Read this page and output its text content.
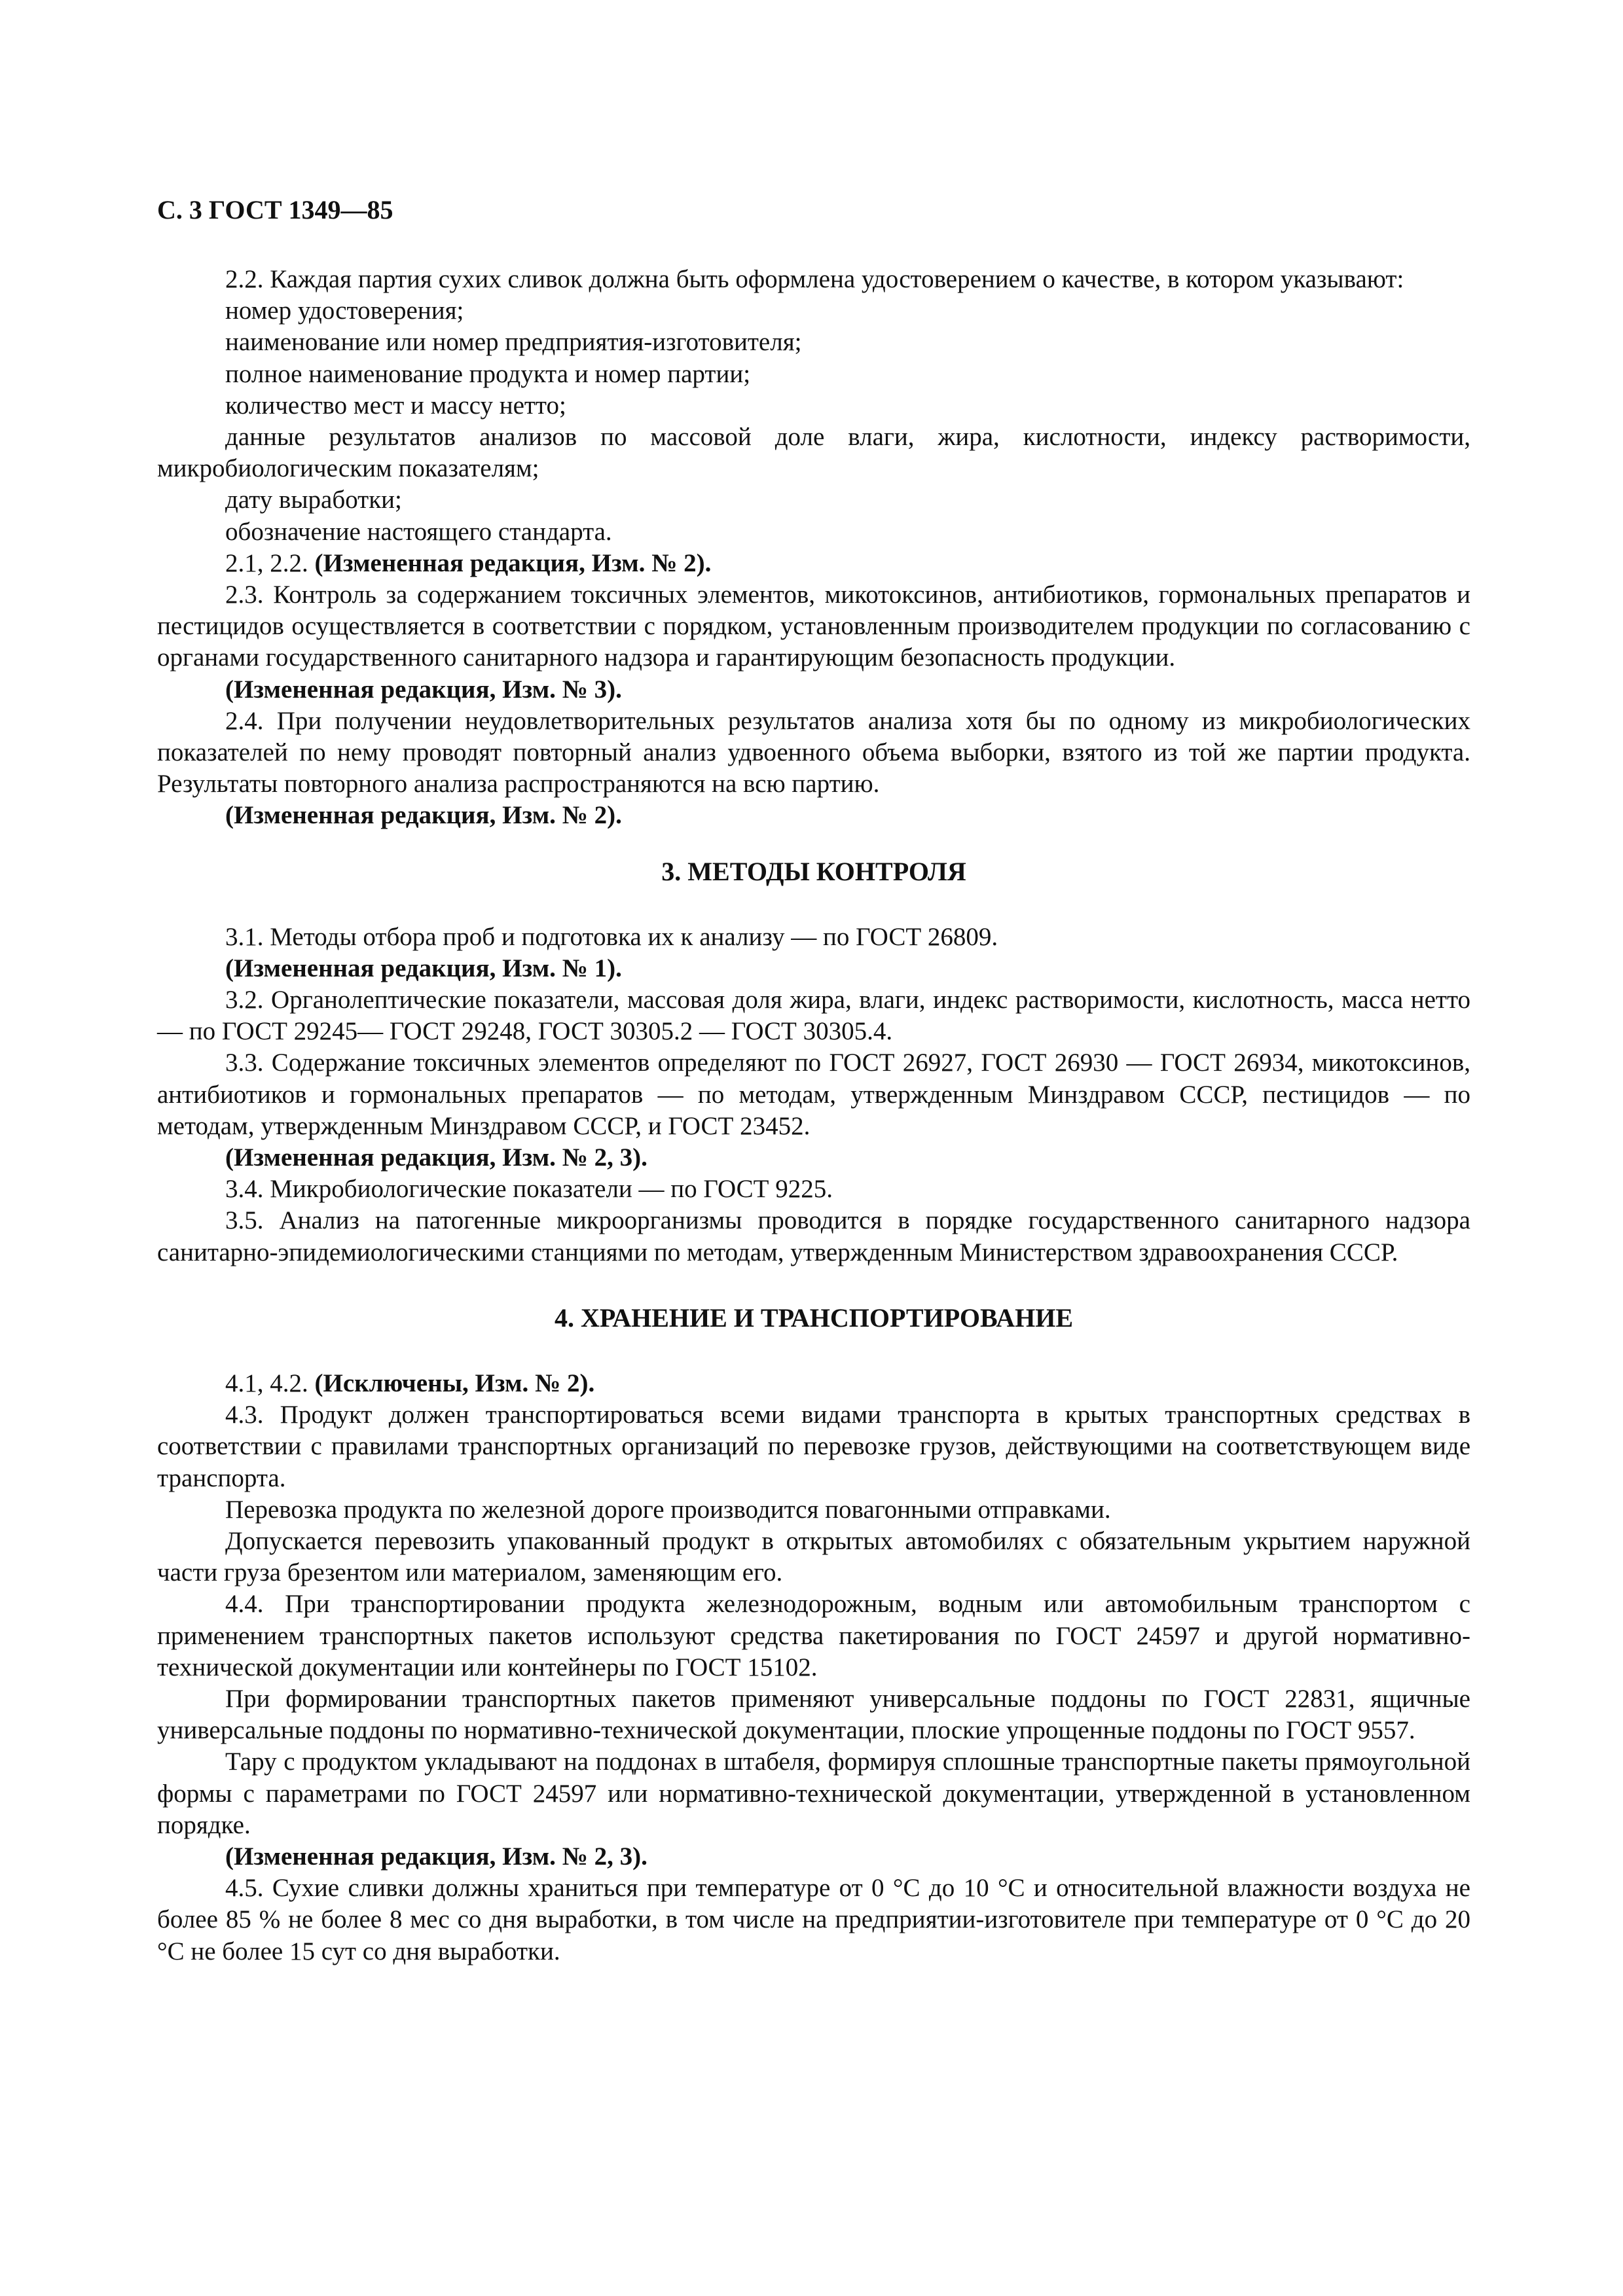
С. 3 ГОСТ 1349—85

2.2. Каждая партия сухих сливок должна быть оформлена удостоверением о качестве, в котором указывают:

номер удостоверения;

наименование или номер предприятия-изготовителя;

полное наименование продукта и номер партии;

количество мест и массу нетто;

данные результатов анализов по массовой доле влаги, жира, кислотности, индексу растворимости, микробиологическим показателям;

дату выработки;

обозначение настоящего стандарта.

2.1, 2.2. (Измененная редакция, Изм. № 2).

2.3. Контроль за содержанием токсичных элементов, микотоксинов, антибиотиков, гормональных препаратов и пестицидов осуществляется в соответствии с порядком, установленным производителем продукции по согласованию с органами государственного санитарного надзора и гарантирующим безопасность продукции.

(Измененная редакция, Изм. № 3).

2.4. При получении неудовлетворительных результатов анализа хотя бы по одному из микробиологических показателей по нему проводят повторный анализ удвоенного объема выборки, взятого из той же партии продукта. Результаты повторного анализа распространяются на всю партию.

(Измененная редакция, Изм. № 2).

3. МЕТОДЫ КОНТРОЛЯ

3.1. Методы отбора проб и подготовка их к анализу — по ГОСТ 26809.

(Измененная редакция, Изм. № 1).

3.2. Органолептические показатели, массовая доля жира, влаги, индекс растворимости, кислотность, масса нетто — по ГОСТ 29245— ГОСТ 29248, ГОСТ 30305.2 — ГОСТ 30305.4.

3.3. Содержание токсичных элементов определяют по ГОСТ 26927, ГОСТ 26930 — ГОСТ 26934, микотоксинов, антибиотиков и гормональных препаратов — по методам, утвержденным Минздравом СССР, пестицидов — по методам, утвержденным Минздравом СССР, и ГОСТ 23452.

(Измененная редакция, Изм. № 2, 3).

3.4. Микробиологические показатели — по ГОСТ 9225.

3.5. Анализ на патогенные микроорганизмы проводится в порядке государственного санитарного надзора санитарно-эпидемиологическими станциями по методам, утвержденным Министерством здравоохранения СССР.

4. ХРАНЕНИЕ И ТРАНСПОРТИРОВАНИЕ

4.1, 4.2. (Исключены, Изм. № 2).

4.3. Продукт должен транспортироваться всеми видами транспорта в крытых транспортных средствах в соответствии с правилами транспортных организаций по перевозке грузов, действующими на соответствующем виде транспорта.

Перевозка продукта по железной дороге производится повагонными отправками.

Допускается перевозить упакованный продукт в открытых автомобилях с обязательным укрытием наружной части груза брезентом или материалом, заменяющим его.

4.4. При транспортировании продукта железнодорожным, водным или автомобильным транспортом с применением транспортных пакетов используют средства пакетирования по ГОСТ 24597 и другой нормативно-технической документации или контейнеры по ГОСТ 15102.

При формировании транспортных пакетов применяют универсальные поддоны по ГОСТ 22831, ящичные универсальные поддоны по нормативно-технической документации, плоские упрощенные поддоны по ГОСТ 9557.

Тару с продуктом укладывают на поддонах в штабеля, формируя сплошные транспортные пакеты прямоугольной формы с параметрами по ГОСТ 24597 или нормативно-технической документации, утвержденной в установленном порядке.

(Измененная редакция, Изм. № 2, 3).

4.5. Сухие сливки должны храниться при температуре от 0 °С до 10 °С и относительной влажности воздуха не более 85 % не более 8 мес со дня выработки, в том числе на предприятии-изготовителе при температуре от 0 °С до 20 °С не более 15 сут со дня выработки.
